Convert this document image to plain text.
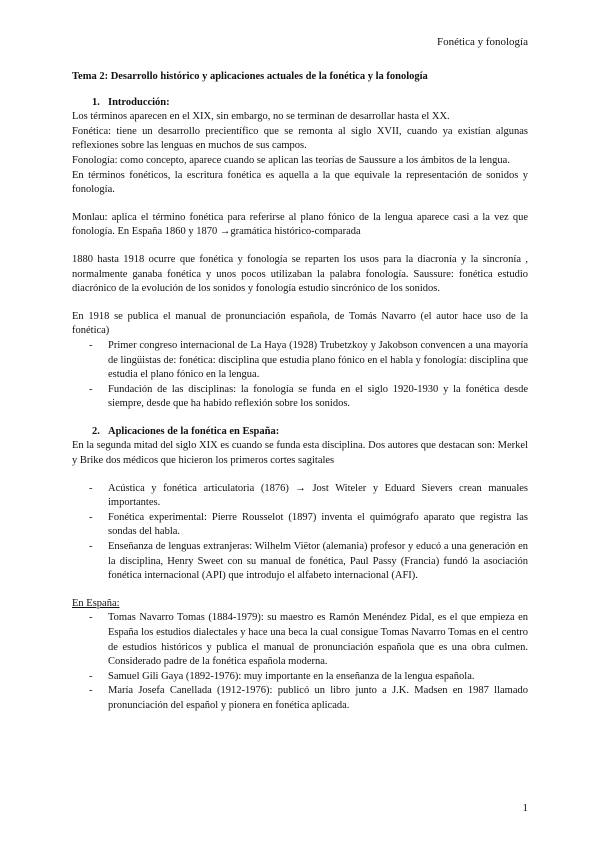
Fonética y fonología

Tema 2: Desarrollo histórico y aplicaciones actuales de la fonética y la fonología

1. Introducción:

Los términos aparecen en el XIX, sin embargo, no se terminan de desarrollar hasta el XX.

Fonética: tiene un desarrollo precientífico que se remonta al siglo XVII, cuando ya existían algunas reflexiones sobre las lenguas en muchos de sus campos.

Fonología: como concepto, aparece cuando se aplican las teorías de Saussure a los ámbitos de la lengua.

En términos fonéticos, la escritura fonética es aquella a la que equivale la representación de sonidos y fonología.

Monlau: aplica el término fonética para referirse al plano fónico de la lengua aparece casi a la vez que fonología. En España 1860 y 1870 →gramática histórico-comparada

1880 hasta 1918 ocurre que fonética y fonología se reparten los usos para la diacronía y la sincronía , normalmente ganaba fonética y unos pocos utilizaban la palabra fonología. Saussure: fonética estudio diacrónico de la evolución de los sonidos y fonología estudio sincrónico de los sonidos.

En 1918 se publica el manual de pronunciación española, de Tomás Navarro (el autor hace uso de la fonética)

- Primer congreso internacional de La Haya (1928) Trubetzkoy y Jakobson convencen a una mayoría de lingüistas de: fonética: disciplina que estudia plano fónico en el habla y fonología: disciplina que estudia el plano fónico en la lengua.
- Fundación de las disciplinas: la fonología se funda en el siglo 1920-1930 y la fonética desde siempre, desde que ha habido reflexión sobre los sonidos.

2. Aplicaciones de la fonética en España:

En la segunda mitad del siglo XIX es cuando se funda esta disciplina. Dos autores que destacan son: Merkel y Brike dos médicos que hicieron los primeros cortes sagitales

- Acústica y fonética articulatoria (1876) → Jost Witeler y Eduard Sievers crean manuales importantes.
- Fonética experimental: Pierre Rousselot (1897) inventa el quimógrafo aparato que registra las sondas del habla.
- Enseñanza de lenguas extranjeras: Wilhelm Viëtor (alemania) profesor y educó a una generación en la disciplina, Henry Sweet con su manual de fonética, Paul Passy (Francia) fundó la asociación fonética internacional (API) que introdujo el alfabeto internacional (AFI).

En España:

- Tomas Navarro Tomas (1884-1979): su maestro es Ramón Menéndez Pidal, es el que empieza en España los estudios dialectales y hace una beca la cual consigue Tomas Navarro Tomas en el centro de estudios históricos y publica el manual de pronunciación española que es una obra culmen. Considerado padre de la fonética española moderna.
- Samuel Gili Gaya (1892-1976): muy importante en la enseñanza de la lengua española.
- María Josefa Canellada (1912-1976): publicó un libro junto a J.K. Madsen en 1987 llamado pronunciación del español y pionera en fonética aplicada.
1
